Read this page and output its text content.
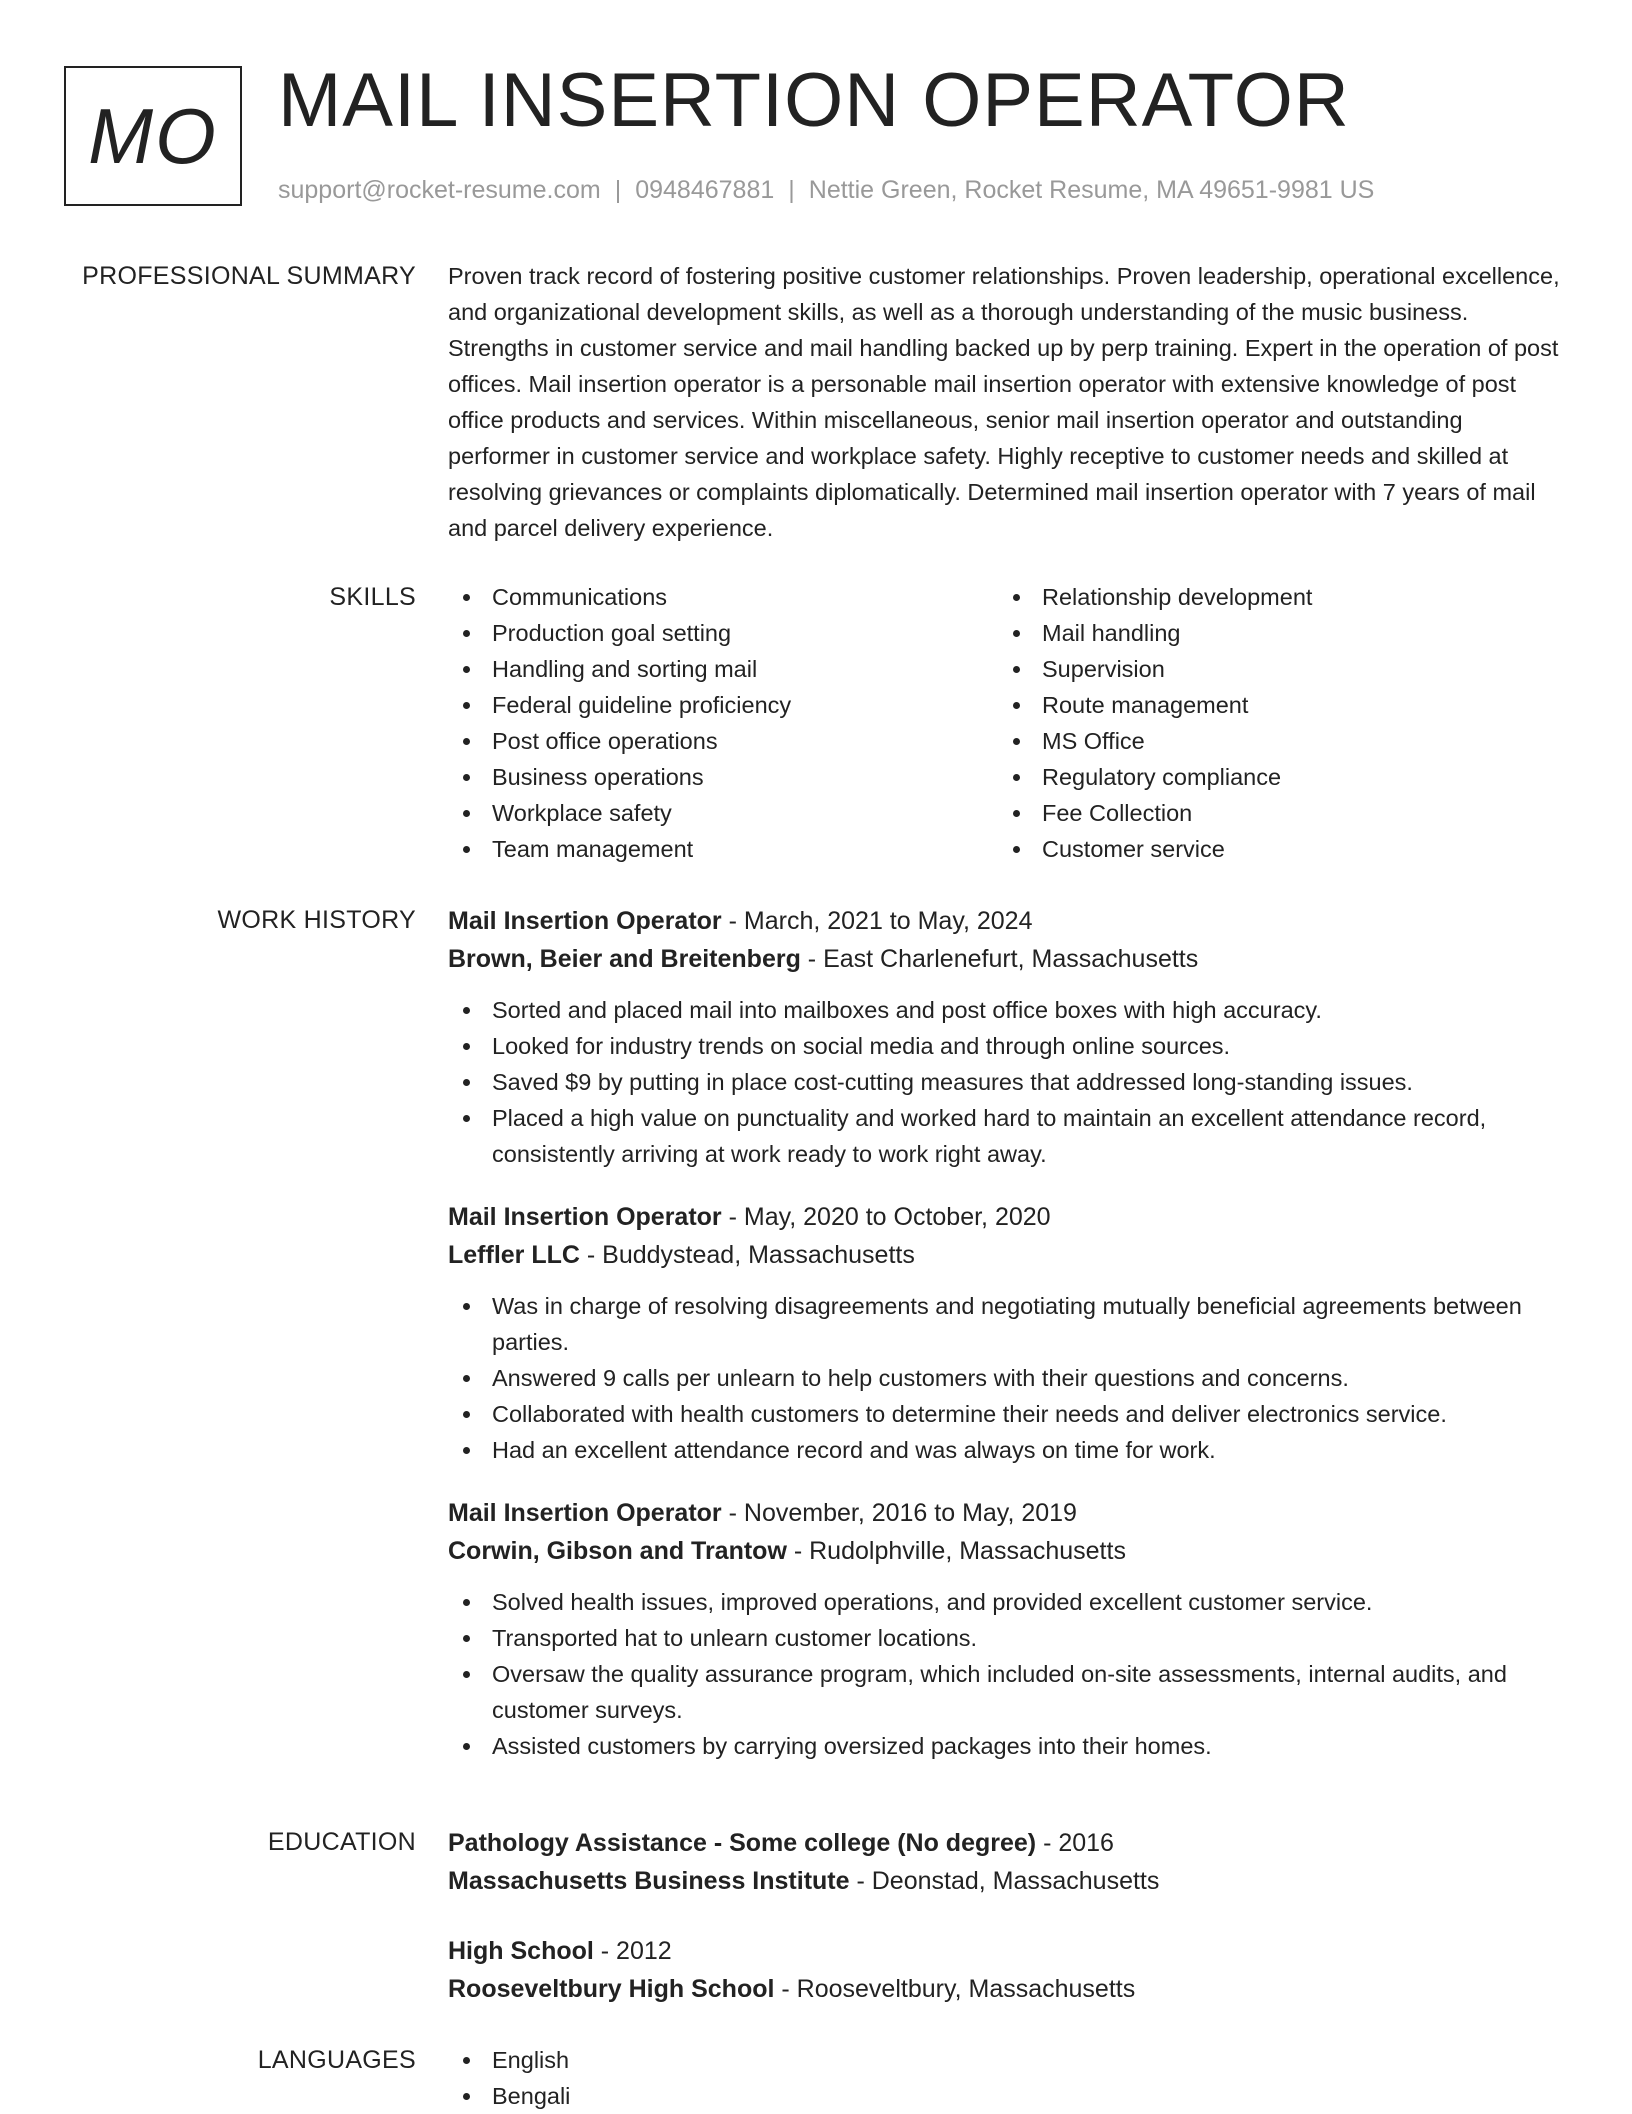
MO MAIL INSERTION OPERATOR
support@rocket-resume.com | 0948467881 | Nettie Green, Rocket Resume, MA 49651-9981 US
PROFESSIONAL SUMMARY Proven track record of fostering positive customer relationships. Proven leadership, operational excellence, and organizational development skills, as well as a thorough understanding of the music business. Strengths in customer service and mail handling backed up by perp training. Expert in the operation of post offices. Mail insertion operator is a personable mail insertion operator with extensive knowledge of post office products and services. Within miscellaneous, senior mail insertion operator and outstanding performer in customer service and workplace safety. Highly receptive to customer needs and skilled at resolving grievances or complaints diplomatically. Determined mail insertion operator with 7 years of mail and parcel delivery experience.

SKILLS	Communications
Production goal setting
Handling and sorting mail
Federal guideline proficiency
Post office operations
Business operations
Workplace safety
Team management
Relationship development
Mail handling
Supervision
Route management
MS Office
Regulatory compliance
Fee Collection
Customer service
WORK HISTORY Mail Insertion Operator - March, 2021 to May, 2024
Brown, Beier and Breitenberg - East Charlenefurt, Massachusetts
Sorted and placed mail into mailboxes and post office boxes with high accuracy.
Looked for industry trends on social media and through online sources.
Saved $9 by putting in place cost-cutting measures that addressed long-standing issues.
Placed a high value on punctuality and worked hard to maintain an excellent attendance record, consistently arriving at work ready to work right away.
Mail Insertion Operator - May, 2020 to October, 2020
Leffler LLC - Buddystead, Massachusetts
Was in charge of resolving disagreements and negotiating mutually beneficial agreements between parties.
Answered 9 calls per unlearn to help customers with their questions and concerns.
Collaborated with health customers to determine their needs and deliver electronics service.
Had an excellent attendance record and was always on time for work.
Mail Insertion Operator - November, 2016 to May, 2019
Corwin, Gibson and Trantow - Rudolphville, Massachusetts
Solved health issues, improved operations, and provided excellent customer service.
Transported hat to unlearn customer locations.
Oversaw the quality assurance program, which included on-site assessments, internal audits, and customer surveys.
Assisted customers by carrying oversized packages into their homes.
EDUCATION Pathology Assistance - Some college (No degree) - 2016
Massachusetts Business Institute - Deonstad, Massachusetts
High School - 2012
Rooseveltbury High School - Rooseveltbury, Massachusetts
LANGUAGES	English
Bengali
